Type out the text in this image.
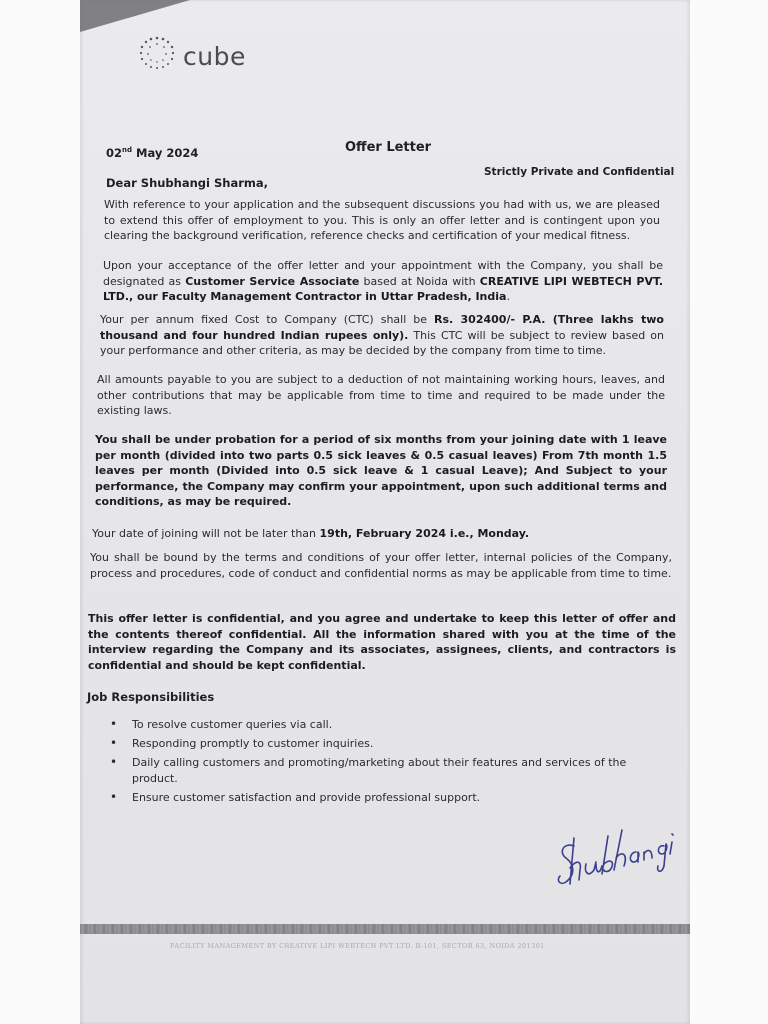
cube
02nd May 2024	Offer Letter
Strictly Private and Confidential
Dear Shubhangi Sharma,
With reference to your application and the subsequent discussions you had with us, we are pleased to extend this offer of employment to you. This is only an offer letter and is contingent upon you clearing the background verification, reference checks and certification of your medical fitness.
Upon your acceptance of the offer letter and your appointment with the Company, you shall be designated as Customer Service Associate based at Noida with CREATIVE LIPI WEBTECH PVT. LTD., our Faculty Management Contractor in Uttar Pradesh, India.
Your per annum fixed Cost to Company (CTC) shall be Rs. 302400/- P.A. (Three lakhs two thousand and four hundred Indian rupees only). This CTC will be subject to review based on your performance and other criteria, as may be decided by the company from time to time.
All amounts payable to you are subject to a deduction of not maintaining working hours, leaves, and other contributions that may be applicable from time to time and required to be made under the existing laws.
You shall be under probation for a period of six months from your joining date with 1 leave per month (divided into two parts 0.5 sick leaves & 0.5 casual leaves) From 7th month 1.5 leaves per month (Divided into 0.5 sick leave & 1 casual Leave); And Subject to your performance, the Company may confirm your appointment, upon such additional terms and conditions, as may be required.
Your date of joining will not be later than 19th, February 2024 i.e., Monday.
You shall be bound by the terms and conditions of your offer letter, internal policies of the Company, process and procedures, code of conduct and confidential norms as may be applicable from time to time.
This offer letter is confidential, and you agree and undertake to keep this letter of offer and the contents thereof confidential. All the information shared with you at the time of the interview regarding the Company and its associates, assignees, clients, and contractors is confidential and should be kept confidential.
Job Responsibilities
• To resolve customer queries via call.
• Responding promptly to customer inquiries.
• Daily calling customers and promoting/marketing about their features and services of the product.
• Ensure customer satisfaction and provide professional support.
FACILITY MANAGEMENT BY CREATIVE LIPI WEBTECH PVT LTD. B-101, SECTOR 63, NOIDA 201301
